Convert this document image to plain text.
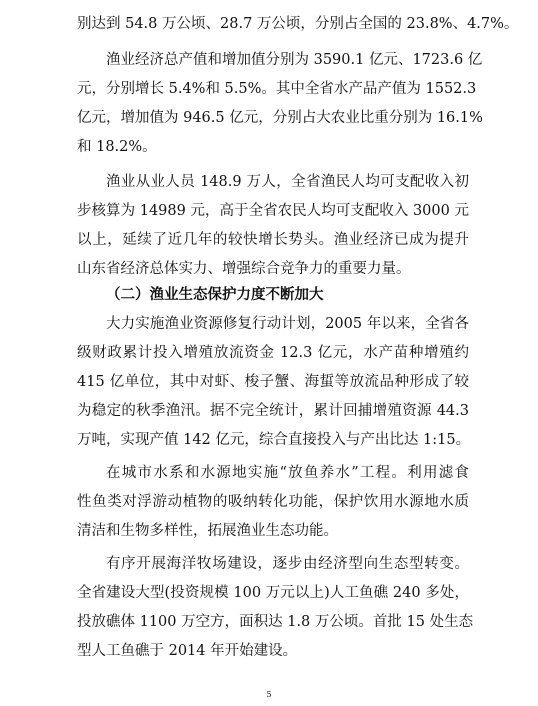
别达到 54.8 万公顷、28.7 万公顷，分别占全国的 23.8%、4.7%。
渔业经济总产值和增加值分别为 3590.1 亿元、1723.6 亿
元，分别增长 5.4%和 5.5%。其中全省水产品产值为 1552.3
亿元，增加值为 946.5 亿元，分别占大农业比重分别为 16.1%
和 18.2%。
渔业从业人员 148.9 万人，全省渔民人均可支配收入初
步核算为 14989 元，高于全省农民人均可支配收入 3000 元
以上，延续了近几年的较快增长势头。渔业经济已成为提升
山东省经济总体实力、增强综合竞争力的重要力量。
（二）渔业生态保护力度不断加大
大力实施渔业资源修复行动计划，2005 年以来，全省各
级财政累计投入增殖放流资金 12.3 亿元，水产苗种增殖约
415 亿单位，其中对虾、梭子蟹、海蜇等放流品种形成了较
为稳定的秋季渔汛。据不完全统计，累计回捕增殖资源 44.3
万吨，实现产值 142 亿元，综合直接投入与产出比达 1:15。
在城市水系和水源地实施“放鱼养水”工程。利用滤食
性鱼类对浮游动植物的吸纳转化功能，保护饮用水源地水质
清洁和生物多样性，拓展渔业生态功能。
有序开展海洋牧场建设，逐步由经济型向生态型转变。
全省建设大型(投资规模 100 万元以上)人工鱼礁 240 多处，
投放礁体 1100 万空方，面积达 1.8 万公顷。首批 15 处生态
型人工鱼礁于 2014 年开始建设。
5
